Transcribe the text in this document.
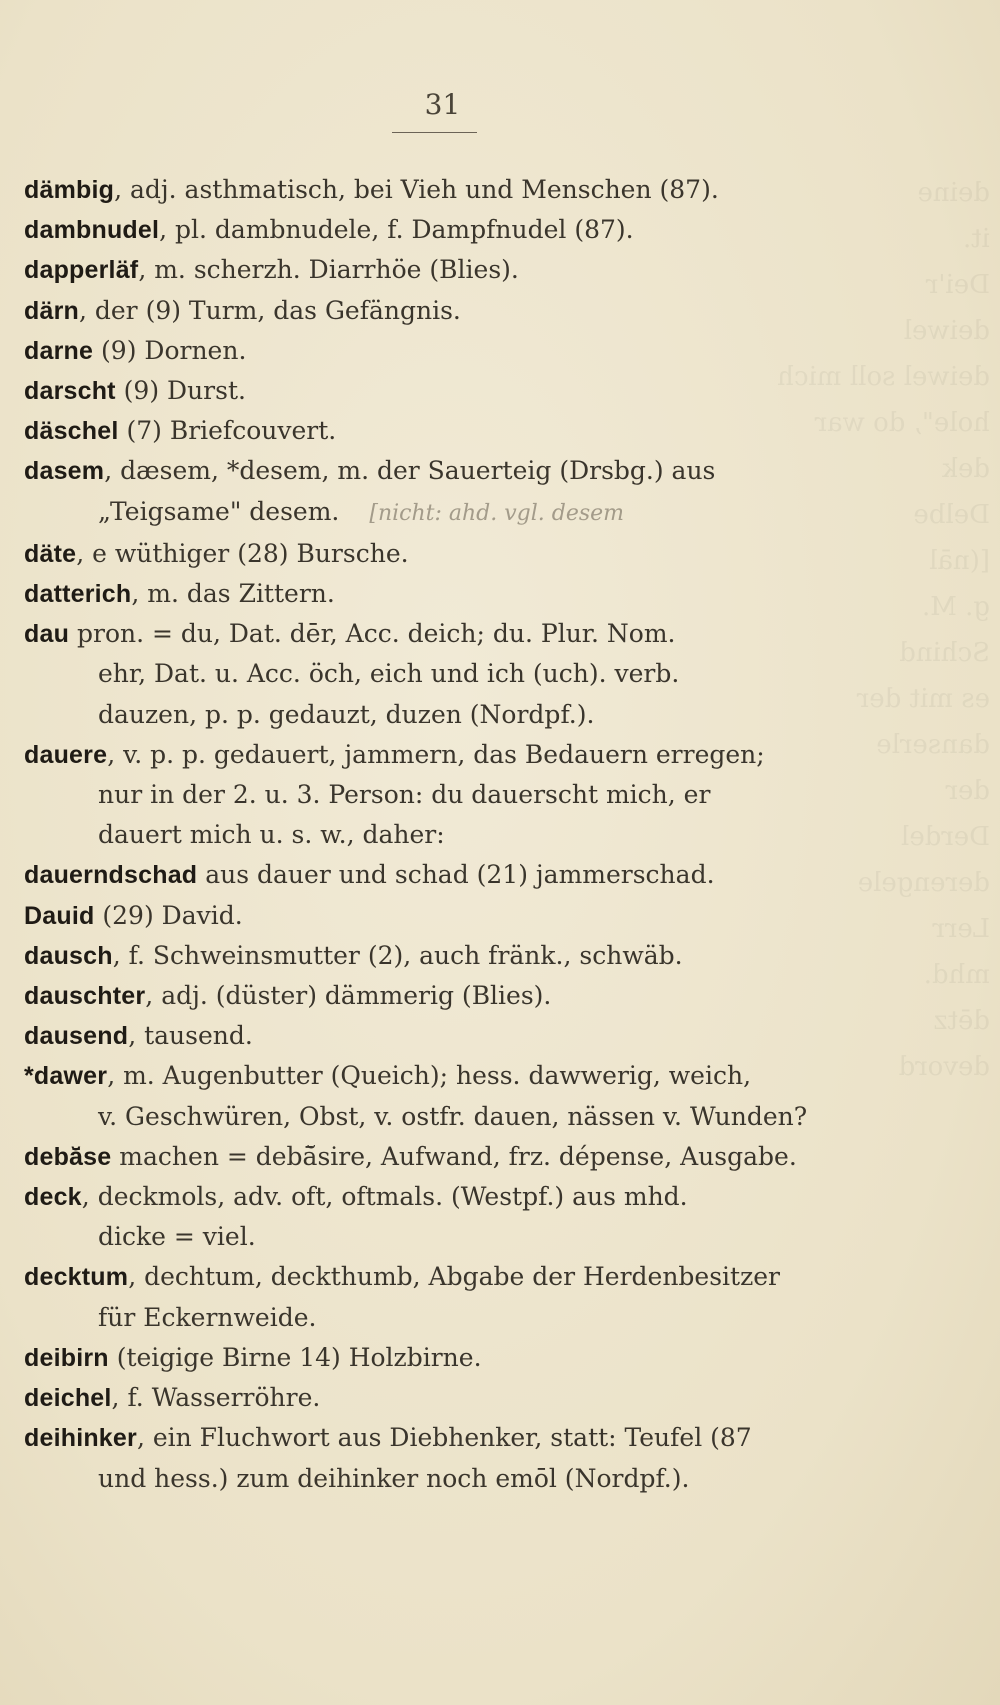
deine
it.
Dei'r
deiwel
deiwel soll mich hole", do war
dek
Delbe
[(nāl
g. M.
Schind
es mit der
danserle
der
Derdel
derengele
Lerr
mhd.
dētz
devord
31
dämbig, adj. asthmatisch, bei Vieh und Menschen (87).
dambnudel, pl. dambnudele, f. Dampfnudel (87).
dapperläf, m. scherzh. Diarrhöe (Blies).
därn, der (9) Turm, das Gefängnis.
darne (9) Dornen.
darscht (9) Durst.
däschel (7) Briefcouvert.
dasem, dæsem, *desem, m. der Sauerteig (Drsbg.) aus
„Teigsame" desem. [nicht: ahd. vgl. desem
däte, e wüthiger (28) Bursche.
datterich, m. das Zittern.
dau pron. = du, Dat. dēr, Acc. deich; du. Plur. Nom.
ehr, Dat. u. Acc. öch, eich und ich (uch). verb.
dauzen, p. p. gedauzt, duzen (Nordpf.).
dauere, v. p. p. gedauert, jammern, das Bedauern erregen;
nur in der 2. u. 3. Person: du dauerscht mich, er
dauert mich u. s. w., daher:
dauerndschad aus dauer und schad (21) jammerschad.
Dauid (29) David.
dausch, f. Schweinsmutter (2), auch fränk., schwäb.
dauschter, adj. (düster) dämmerig (Blies).
dausend, tausend.
*dawer, m. Augenbutter (Queich); hess. dawwerig, weich,
v. Geschwüren, Obst, v. ostfr. dauen, nässen v. Wunden?
debā̆se machen = debā̆sire, Aufwand, frz. dépense, Ausgabe.
deck, deckmols, adv. oft, oftmals. (Westpf.) aus mhd.
dicke = viel.
decktum, dechtum, deckthumb, Abgabe der Herdenbesitzer
für Eckernweide.
deibirn (teigige Birne 14) Holzbirne.
deichel, f. Wasserröhre.
deihinker, ein Fluchwort aus Diebhenker, statt: Teufel (87
und hess.) zum deihinker noch emōl (Nordpf.).
